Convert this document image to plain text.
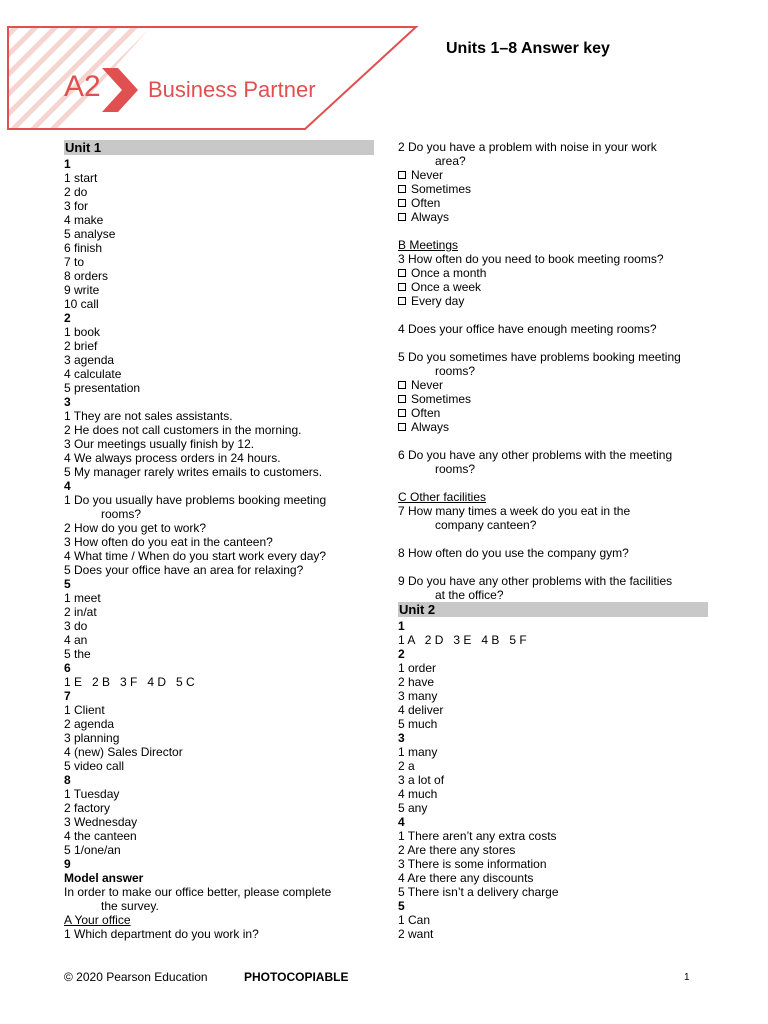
A2 Business Partner
Units 1–8 Answer key
Unit 1
1
1 start
2 do
3 for
4 make
5 analyse
6 finish
7 to
8 orders
9 write
10 call
2
1 book
2 brief
3 agenda
4 calculate
5 presentation
3
1 They are not sales assistants.
2 He does not call customers in the morning.
3 Our meetings usually finish by 12.
4 We always process orders in 24 hours.
5 My manager rarely writes emails to customers.
4
1 Do you usually have problems booking meeting
rooms?
2 How do you get to work?
3 How often do you eat in the canteen?
4 What time / When do you start work every day?
5 Does your office have an area for relaxing?
5
1 meet
2 in/at
3 do
4 an
5 the
6
1 E   2 B   3 F   4 D   5 C
7
1 Client
2 agenda
3 planning
4 (new) Sales Director
5 video call
8
1 Tuesday
2 factory
3 Wednesday
4 the canteen
5 1/one/an
9
Model answer
In order to make our office better, please complete
the survey.
A Your office
1 Which department do you work in?
2 Do you have a problem with noise in your work
area?
Never
Sometimes
Often
Always
B Meetings
3 How often do you need to book meeting rooms?
Once a month
Once a week
Every day
4 Does your office have enough meeting rooms?
5 Do you sometimes have problems booking meeting
rooms?
Never
Sometimes
Often
Always
6 Do you have any other problems with the meeting
rooms?
C Other facilities
7 How many times a week do you eat in the
company canteen?
8 How often do you use the company gym?
9 Do you have any other problems with the facilities
at the office?
Unit 2
1
1 A   2 D   3 E   4 B   5 F
2
1 order
2 have
3 many
4 deliver
5 much
3
1 many
2 a
3 a lot of
4 much
5 any
4
1 There aren’t any extra costs
2 Are there any stores
3 There is some information
4 Are there any discounts
5 There isn’t a delivery charge
5
1 Can
2 want
© 2020 Pearson Education	PHOTOCOPIABLE	1
